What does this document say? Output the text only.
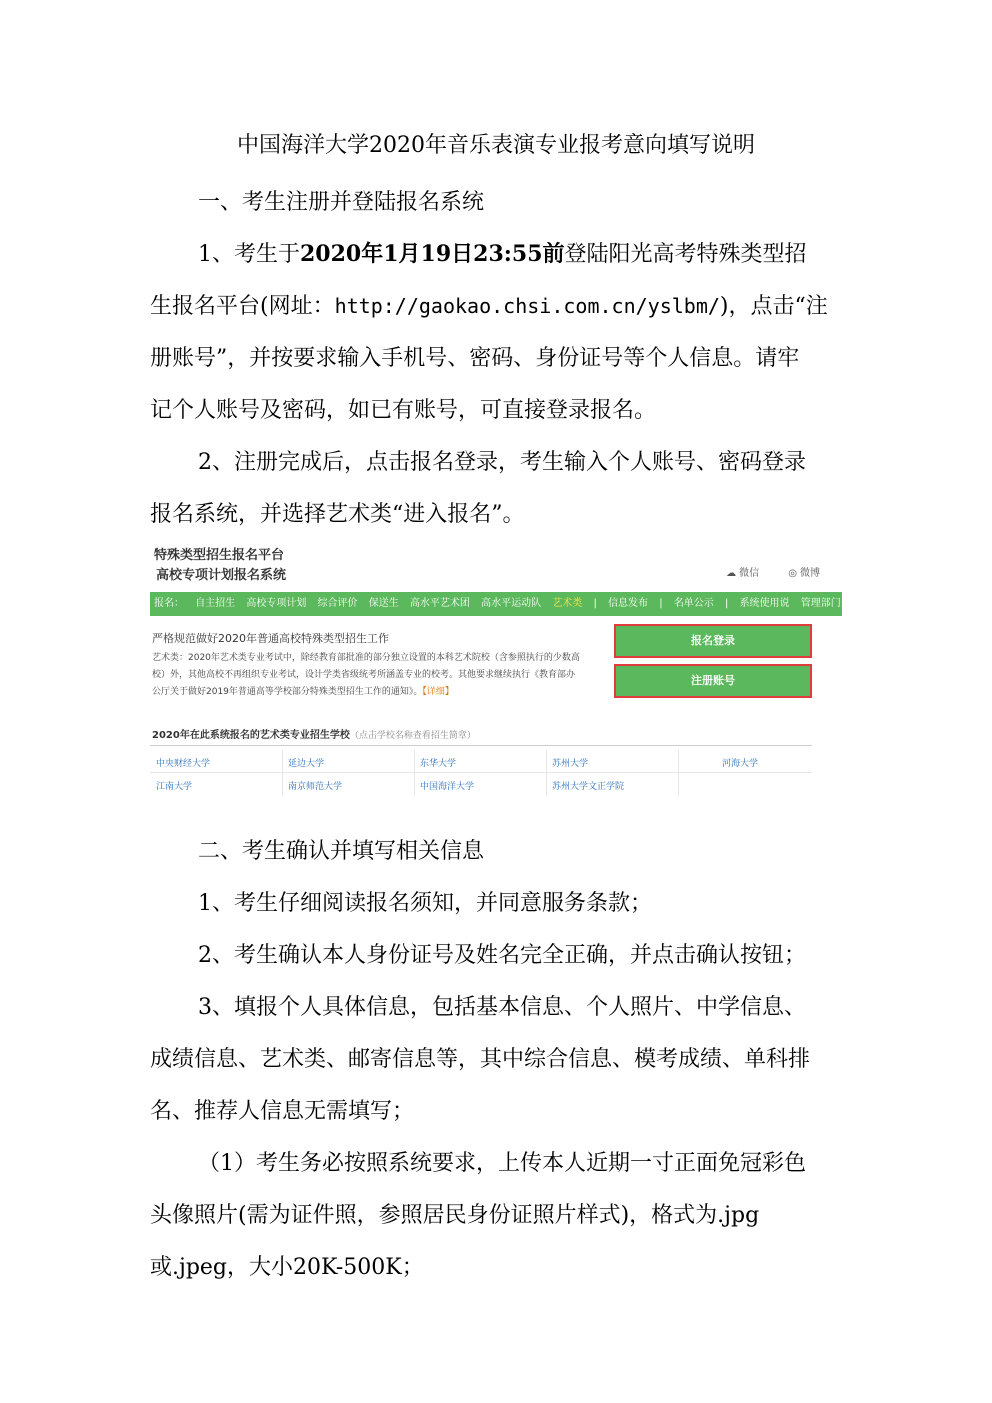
中国海洋大学2020年音乐表演专业报考意向填写说明
一、考生注册并登陆报名系统
1、考生于2020年1月19日23:55前登陆阳光高考特殊类型招
生报名平台(网址：http://gaokao.chsi.com.cn/yslbm/)，点击“注
册账号”，并按要求输入手机号、密码、身份证号等个人信息。请牢
记个人账号及密码，如已有账号，可直接登录报名。
2、注册完成后，点击报名登录，考生输入个人账号、密码登录
报名系统，并选择艺术类“进入报名”。
特殊类型招生报名平台
高校专项计划报名系统	☁ 微信	◎ 微博
报名： 自主招生 高校专项计划 综合评价 保送生 高水平艺术团 高水平运动队 艺术类 | 信息发布 | 名单公示 | 系统使用说 管理部门登录
严格规范做好2020年普通高校特殊类型招生工作
艺术类：2020年艺术类专业考试中，除经教育部批准的部分独立设置的本科艺术院校（含参照执行的少数高校）外，其他高校不再组织专业考试，设计学类省级统考所涵盖专业的校考。其他要求继续执行《教育部办公厅关于做好2019年普通高等学校部分特殊类型招生工作的通知》。【详细】
报名登录
注册账号
2020年在此系统报名的艺术类专业招生学校（点击学校名称查看招生简章）
中央财经大学	延边大学	东华大学	苏州大学	河海大学
江南大学	南京师范大学	中国海洋大学	苏州大学文正学院
二、考生确认并填写相关信息
1、考生仔细阅读报名须知，并同意服务条款；
2、考生确认本人身份证号及姓名完全正确，并点击确认按钮；
3、填报个人具体信息，包括基本信息、个人照片、中学信息、
成绩信息、艺术类、邮寄信息等，其中综合信息、模考成绩、单科排
名、推荐人信息无需填写；
（1）考生务必按照系统要求，上传本人近期一寸正面免冠彩色
头像照片(需为证件照，参照居民身份证照片样式)，格式为.jpg
或.jpeg，大小20K-500K；
